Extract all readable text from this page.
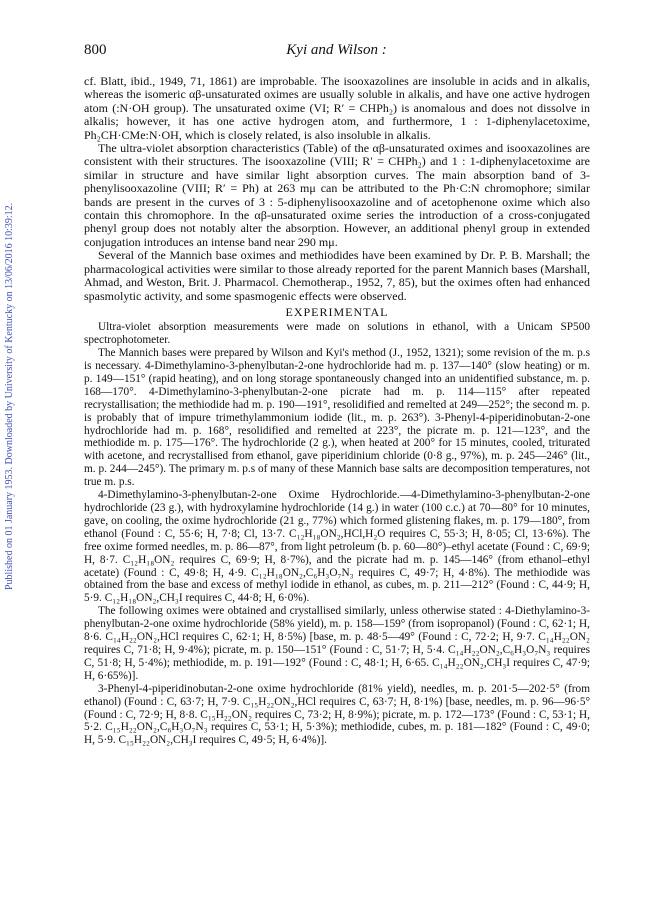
800	Kyi and Wilson :
Published on 01 January 1953. Downloaded by University of Kentucky on 13/06/2016 10:39:12.

cf. Blatt, ibid., 1949, 71, 1861) are improbable. The isooxazolines are insoluble in acids and in alkalis, whereas the isomeric αβ-unsaturated oximes are usually soluble in alkalis, and have one active hydrogen atom (:N·OH group). The unsaturated oxime (VI; R′ = CHPh₂) is anomalous and does not dissolve in alkalis; however, it has one active hydrogen atom, and furthermore, 1 : 1-diphenylacetoxime, Ph₂CH·CMe:N·OH, which is closely related, is also insoluble in alkalis.

The ultra-violet absorption characteristics (Table) of the αβ-unsaturated oximes and isooxazolines are consistent with their structures. The isooxazoline (VIII; R′ = CHPh₂) and 1 : 1-diphenylacetoxime are similar in structure and have similar light absorption curves. The main absorption band of 3-phenylisooxazoline (VIII; R′ = Ph) at 263 mμ can be attributed to the Ph·C:N chromophore; similar bands are present in the curves of 3 : 5-diphenylisooxazoline and of acetophenone oxime which also contain this chromophore. In the αβ-unsaturated oxime series the introduction of a cross-conjugated phenyl group does not notably alter the absorption. However, an additional phenyl group in extended conjugation introduces an intense band near 290 mμ.

Several of the Mannich base oximes and methiodides have been examined by Dr. P. B. Marshall; the pharmacological activities were similar to those already reported for the parent Mannich bases (Marshall, Ahmad, and Weston, Brit. J. Pharmacol. Chemotherap., 1952, 7, 85), but the oximes often had enhanced spasmolytic activity, and some spasmogenic effects were observed.

EXPERIMENTAL

Ultra-violet absorption measurements were made on solutions in ethanol, with a Unicam SP500 spectrophotometer.

The Mannich bases were prepared by Wilson and Kyi's method (J., 1952, 1321); some revision of the m. p.s is necessary. 4-Dimethylamino-3-phenylbutan-2-one hydrochloride had m. p. 137—140° (slow heating) or m. p. 149—151° (rapid heating), and on long storage spontaneously changed into an unidentified substance, m. p. 168—170°. 4-Dimethylamino-3-phenylbutan-2-one picrate had m. p. 114—115° after repeated recrystallisation; the methiodide had m. p. 190—191°, resolidified and remelted at 249—252°; the second m. p. is probably that of impure trimethylammonium iodide (lit., m. p. 263°). 3-Phenyl-4-piperidinobutan-2-one hydrochloride had m. p. 168°, resolidified and remelted at 223°, the picrate m. p. 121—123°, and the methiodide m. p. 175—176°. The hydrochloride (2 g.), when heated at 200° for 15 minutes, cooled, triturated with acetone, and recrystallised from ethanol, gave piperidinium chloride (0·8 g., 97%), m. p. 245—246° (lit., m. p. 244—245°). The primary m. p.s of many of these Mannich base salts are decomposition temperatures, not true m. p.s.

4-Dimethylamino-3-phenylbutan-2-one Oxime Hydrochloride.—4-Dimethylamino-3-phenylbutan-2-one hydrochloride (23 g.), with hydroxylamine hydrochloride (14 g.) in water (100 c.c.) at 70—80° for 10 minutes, gave, on cooling, the oxime hydrochloride (21 g., 77%) which formed glistening flakes, m. p. 179—180°, from ethanol (Found : C, 55·6; H, 7·8; Cl, 13·7. C₁₂H₁₈ON₂,HCl,H₂O requires C, 55·3; H, 8·05; Cl, 13·6%). The free oxime formed needles, m. p. 86—87°, from light petroleum (b. p. 60—80°)–ethyl acetate (Found : C, 69·9; H, 8·7. C₁₂H₁₈ON₂ requires C, 69·9; H, 8·7%), and the picrate had m. p. 145—146° (from ethanol–ethyl acetate) (Found : C, 49·8; H, 4·9. C₁₂H₁₈ON₂,C₆H₃O₇N₃ requires C, 49·7; H, 4·8%). The methiodide was obtained from the base and excess of methyl iodide in ethanol, as cubes, m. p. 211—212° (Found : C, 44·9; H, 5·9. C₁₂H₁₈ON₂,CH₃I requires C, 44·8; H, 6·0%).

The following oximes were obtained and crystallised similarly, unless otherwise stated : 4-Diethylamino-3-phenylbutan-2-one oxime hydrochloride (58% yield), m. p. 158—159° (from isopropanol) (Found : C, 62·1; H, 8·6. C₁₄H₂₂ON₂,HCl requires C, 62·1; H, 8·5%) [base, m. p. 48·5—49° (Found : C, 72·2; H, 9·7. C₁₄H₂₂ON₂ requires C, 71·8; H, 9·4%); picrate, m. p. 150—151° (Found : C, 51·7; H, 5·4. C₁₄H₂₂ON₂,C₆H₃O₇N₃ requires C, 51·8; H, 5·4%); methiodide, m. p. 191—192° (Found : C, 48·1; H, 6·65. C₁₄H₂₂ON₂,CH₃I requires C, 47·9; H, 6·65%)].

3-Phenyl-4-piperidinobutan-2-one oxime hydrochloride (81% yield), needles, m. p. 201·5—202·5° (from ethanol) (Found : C, 63·7; H, 7·9. C₁₅H₂₂ON₂,HCl requires C, 63·7; H, 8·1%) [base, needles, m. p. 96—96·5° (Found : C, 72·9; H, 8·8. C₁₅H₂₂ON₂ requires C, 73·2; H, 8·9%); picrate, m. p. 172—173° (Found : C, 53·1; H, 5·2. C₁₅H₂₂ON₂,C₆H₃O₇N₃ requires C, 53·1; H, 5·3%); methiodide, cubes, m. p. 181—182° (Found : C, 49·0; H, 5·9. C₁₅H₂₂ON₂,CH₃I requires C, 49·5; H, 6·4%)].
